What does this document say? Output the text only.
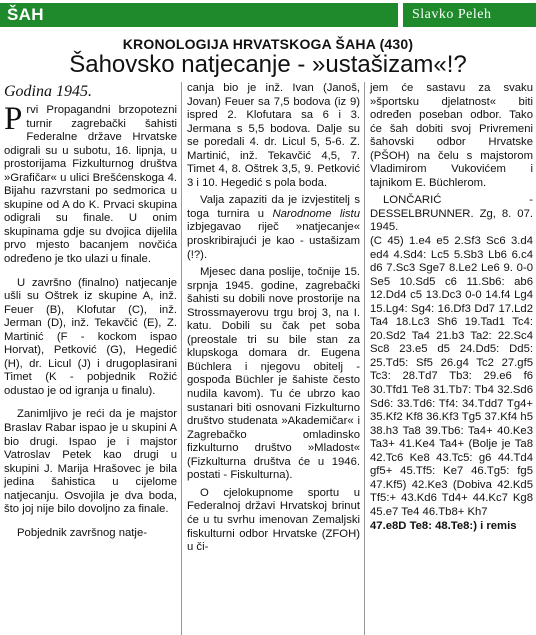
ŠAH	Slavko Peleh
KRONOLOGIJA HRVATSKOGA ŠAHA (430)
Šahovsko natjecanje - »ustašizam«!?
Godina 1945.

Prvi Propagandni brzopotezni turnir zagrebački šahisti Federalne države Hrvatske odigrali su u subotu, 16. lipnja, u prostorijama Fizkulturnog društva »Grafičar« u ulici Brešćenskoga 4. Bijahu razvrstani po sedmorica u skupine od A do K. Prvaci skupina odigrali su finale. U onim skupinama gdje su dvojica dijelila prvo mjesto bacanjem novčića određeno je tko ulazi u finale.

U završno (finalno) natjecanje ušli su Oštrek iz skupine A, inž. Feuer (B), Klofutar (C), inž. Jerman (D), inž. Tekavčić (E), Z. Martinić (F - kockom ispao Horvat), Petković (G), Hegedić (H), dr. Licul (J) i drugoplasirani Timet (K - pobjednik Rožić odustao je od igranja u finalu).

Zanimljivo je reći da je majstor Braslav Rabar ispao je u skupini A bio drugi. Ispao je i majstor Vatroslav Petek kao drugi u skupini J. Marija Hrašovec je bila jedina šahistica u cijelome natjecanju. Osvojila je dva boda, što joj nije bilo dovoljno za finale.

Pobjednik završnog natje-

canja bio je inž. Ivan (Janoš, Jovan) Feuer sa 7,5 bodova (iz 9) ispred 2. Klofutara sa 6 i 3. Jermana s 5,5 bodova. Dalje su se poredali 4. dr. Licul 5, 5-6. Z. Martinić, inž. Tekavčić 4,5, 7. Timet 4, 8. Oštrek 3,5, 9. Petković 3 i 10. Hegedić s pola boda.

Valja zapaziti da je izvjestitelj s toga turnira u Narodnome listu izbjegavao riječ »natjecanje« proskribirajući je kao - ustašizam (!?).

Mjesec dana poslije, točnije 15. srpnja 1945. godine, zagrebački šahisti su dobili nove prostorije na Strossmayerovu trgu broj 3, na I. katu. Dobili su čak pet soba (preostale tri su bile stan za klupskoga domara dr. Eugena Büchlera i njegovu obitelj - gospođa Büchler je šahiste često nudila kavom). Tu će ubrzo kao sustanari biti osnovani Fizkulturno društvo studenata »Akademičar« i Zagrebačko omladinsko fizkulturno društvo »Mladost« (Fizkulturna društva će u 1946. postati - Fiskulturna).

O cjelokupnome sportu u Federalnoj državi Hrvatskoj brinut će u tu svrhu imenovan Zemaljski fiskulturni odbor Hrvatske (ZFOH) u či-

jem će sastavu za svaku »športsku djelatnost« biti određen poseban odbor. Tako će šah dobiti svoj Privremeni šahovski odbor Hrvatske (PŠOH) na čelu s majstorom Vladimirom Vukovićem i tajnikom E. Büchlerom.

LONČARIĆ - DESSELBRUNNER. Zg, 8. 07. 1945.

(C 45) 1.e4 e5 2.Sf3 Sc6 3.d4 ed4 4.Sd4: Lc5 5.Sb3 Lb6 6.c4 d6 7.Sc3 Sge7 8.Le2 Le6 9. 0-0 Se5 10.Sd5 c6 11.Sb6: ab6 12.Dd4 c5 13.Dc3 0-0 14.f4 Lg4 15.Lg4: Sg4: 16.Df3 Dd7 17.Ld2 Ta4 18.Lc3 Sh6 19.Tad1 Tc4: 20.Sd2 Ta4 21.b3 Ta2: 22.Sc4 Sc8 23.e5 d5 24.Dd5: Dd5: 25.Td5: Sf5 26.g4 Tc2 27.gf5 Tc3: 28.Td7 Tb3: 29.e6 f6 30.Tfd1 Te8 31.Tb7: Tb4 32.Sd6 Sd6: 33.Td6: Tf4: 34.Tdd7 Tg4+ 35.Kf2 Kf8 36.Kf3 Tg5 37.Kf4 h5 38.h3 Ta8 39.Tb6: Ta4+ 40.Ke3 Ta3+ 41.Ke4 Ta4+ (Bolje je Ta8 42.Tc6 Ke8 43.Tc5: g6 44.Td4 gf5+ 45.Tf5: Ke7 46.Tg5: fg5 47.Kf5) 42.Ke3 (Dobiva 42.Kd5 Tf5:+ 43.Kd6 Td4+ 44.Kc7 Kg8 45.e7 Te4 46.Tb8+ Kh7

47.e8D Te8: 48.Te8:) i remis
